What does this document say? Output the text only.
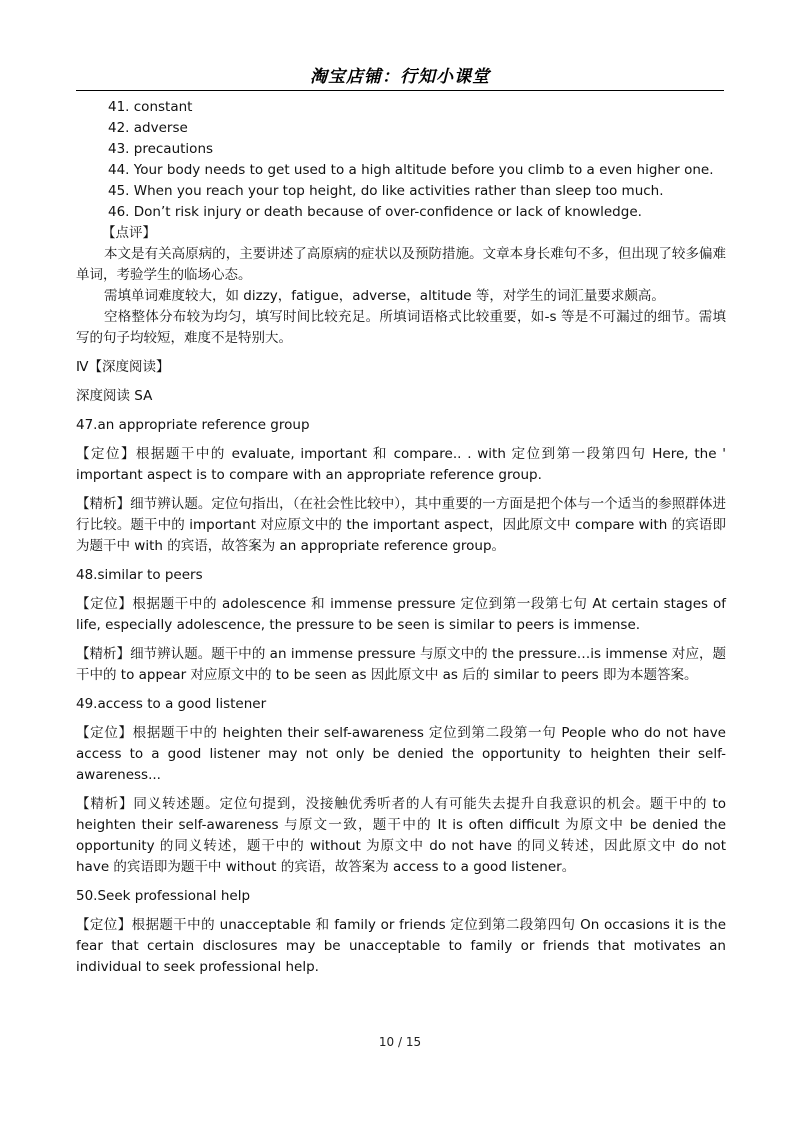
淘宝店铺：行知小课堂
41. constant
42. adverse
43. precautions
44. Your body needs to get used to a high altitude before you climb to a even higher one.
45. When you reach your top height, do like activities rather than sleep too much.
46. Don’t risk injury or death because of over-confidence or lack of knowledge.
【点评】

本文是有关高原病的，主要讲述了高原病的症状以及预防措施。文章本身长难句不多，但出现了较多偏难单词，考验学生的临场心态。

需填单词难度较大，如 dizzy，fatigue，adverse，altitude 等，对学生的词汇量要求颇高。

空格整体分布较为均匀，填写时间比较充足。所填词语格式比较重要，如-s 等是不可漏过的细节。需填写的句子均较短，难度不是特别大。

Ⅳ【深度阅读】
深度阅读 SA
47.an appropriate reference group
【定位】根据题干中的 evaluate, important 和 compare.. . with 定位到第一段第四句 Here, the ' important aspect is to compare with an appropriate reference group.
【精析】细节辨认题。定位句指出，（在社会性比较中），其中重要的一方面是把个体与一个适当的参照群体进行比较。题干中的 important 对应原文中的 the important aspect，因此原文中 compare with 的宾语即为题干中 with 的宾语，故答案为 an appropriate reference group。
48.similar to peers
【定位】根据题干中的 adolescence 和 immense pressure 定位到第一段第七句 At certain stages of life, especially adolescence, the pressure to be seen is similar to peers is immense.
【精析】细节辨认题。题干中的 an immense pressure 与原文中的 the pressure…is immense 对应，题干中的 to appear 对应原文中的 to be seen as 因此原文中 as 后的 similar to peers 即为本题答案。
49.access to a good listener
【定位】根据题干中的 heighten their self-awareness 定位到第二段第一句 People who do not have access to a good listener may not only be denied the opportunity to heighten their self-awareness...
【精析】同义转述题。定位句提到，没接触优秀听者的人有可能失去提升自我意识的机会。题干中的 to heighten their self-awareness 与原文一致，题干中的 It is often difficult 为原文中 be denied the opportunity 的同义转述，题干中的 without 为原文中 do not have 的同义转述，因此原文中 do not have 的宾语即为题干中 without 的宾语，故答案为 access to a good listener。
50.Seek professional help
【定位】根据题干中的 unacceptable 和 family or friends 定位到第二段第四句 On occasions it is the fear that certain disclosures may be unacceptable to family or friends that motivates an individual to seek professional help.
10 / 15
